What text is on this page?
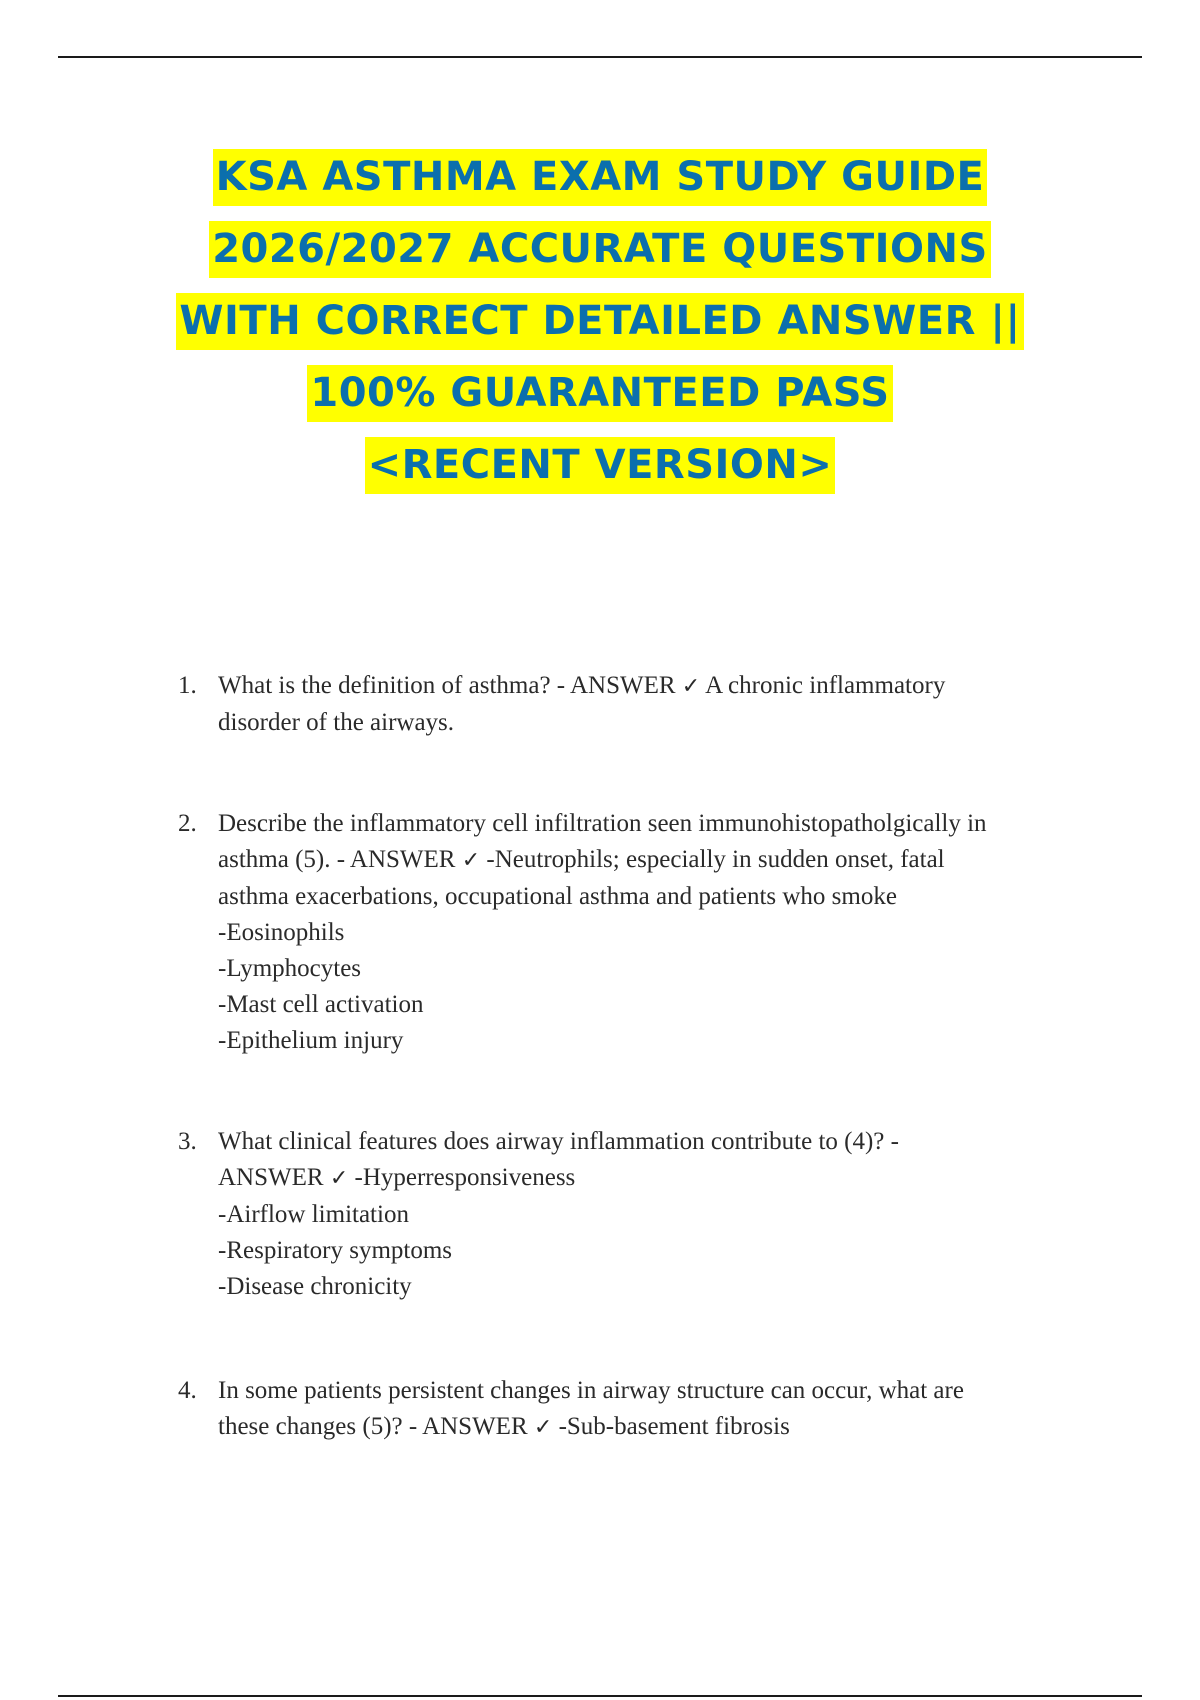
KSA ASTHMA EXAM STUDY GUIDE
2026/2027 ACCURATE QUESTIONS
WITH CORRECT DETAILED ANSWER ||
100% GUARANTEED PASS
<RECENT VERSION>
1. What is the definition of asthma? - ANSWER ✓ A chronic inflammatory
disorder of the airways.
2. Describe the inflammatory cell infiltration seen immunohistopatholgically in
asthma (5). - ANSWER ✓ -Neutrophils; especially in sudden onset, fatal
asthma exacerbations, occupational asthma and patients who smoke
-Eosinophils
-Lymphocytes
-Mast cell activation
-Epithelium injury
3. What clinical features does airway inflammation contribute to (4)? -
ANSWER ✓ -Hyperresponsiveness
-Airflow limitation
-Respiratory symptoms
-Disease chronicity
4. In some patients persistent changes in airway structure can occur, what are
these changes (5)? - ANSWER ✓ -Sub-basement fibrosis
